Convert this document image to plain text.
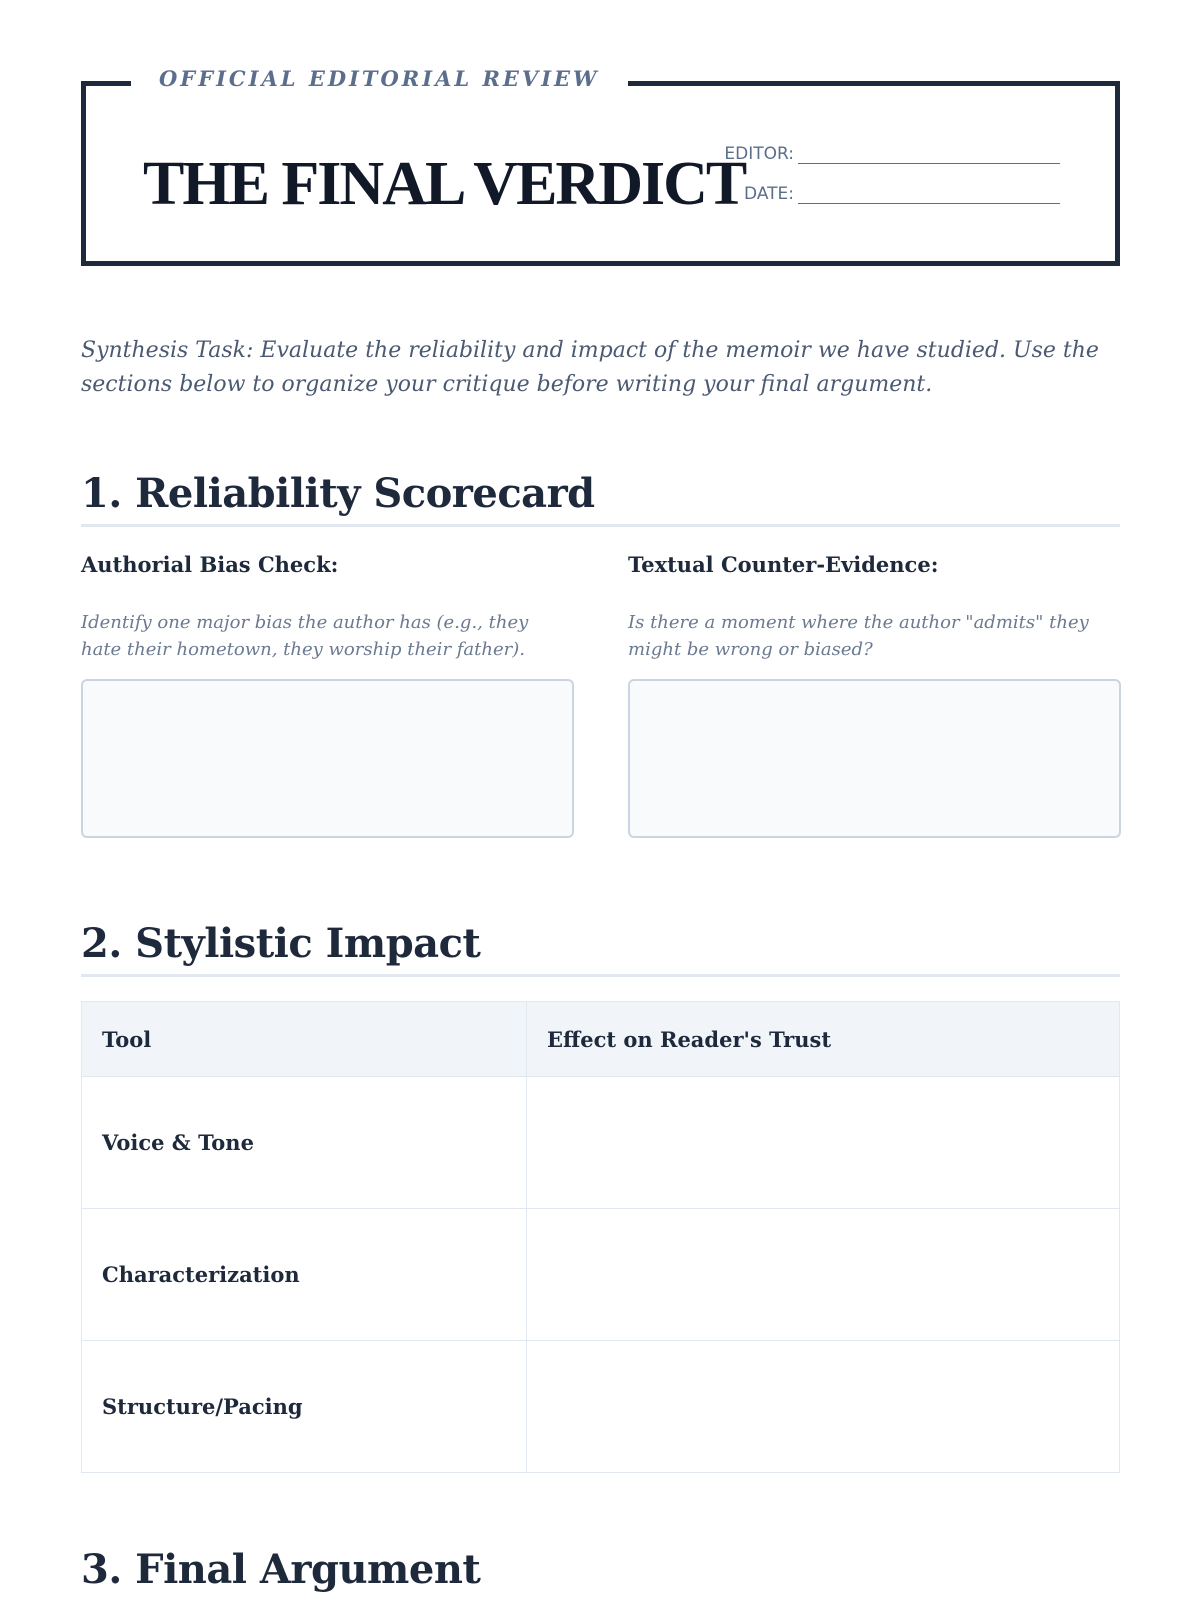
OFFICIAL EDITORIAL REVIEW
THE FINAL VERDICT
EDITOR:
DATE:
Synthesis Task: Evaluate the reliability and impact of the memoir we have studied. Use the sections below to organize your critique before writing your final argument.
1. Reliability Scorecard
Authorial Bias Check:
Identify one major bias the author has (e.g., they hate their hometown, they worship their father).
Textual Counter-Evidence:
Is there a moment where the author "admits" they might be wrong or biased?
2. Stylistic Impact
Tool	Effect on Reader's Trust
Voice & Tone	
Characterization	
Structure/Pacing	
3. Final Argument
